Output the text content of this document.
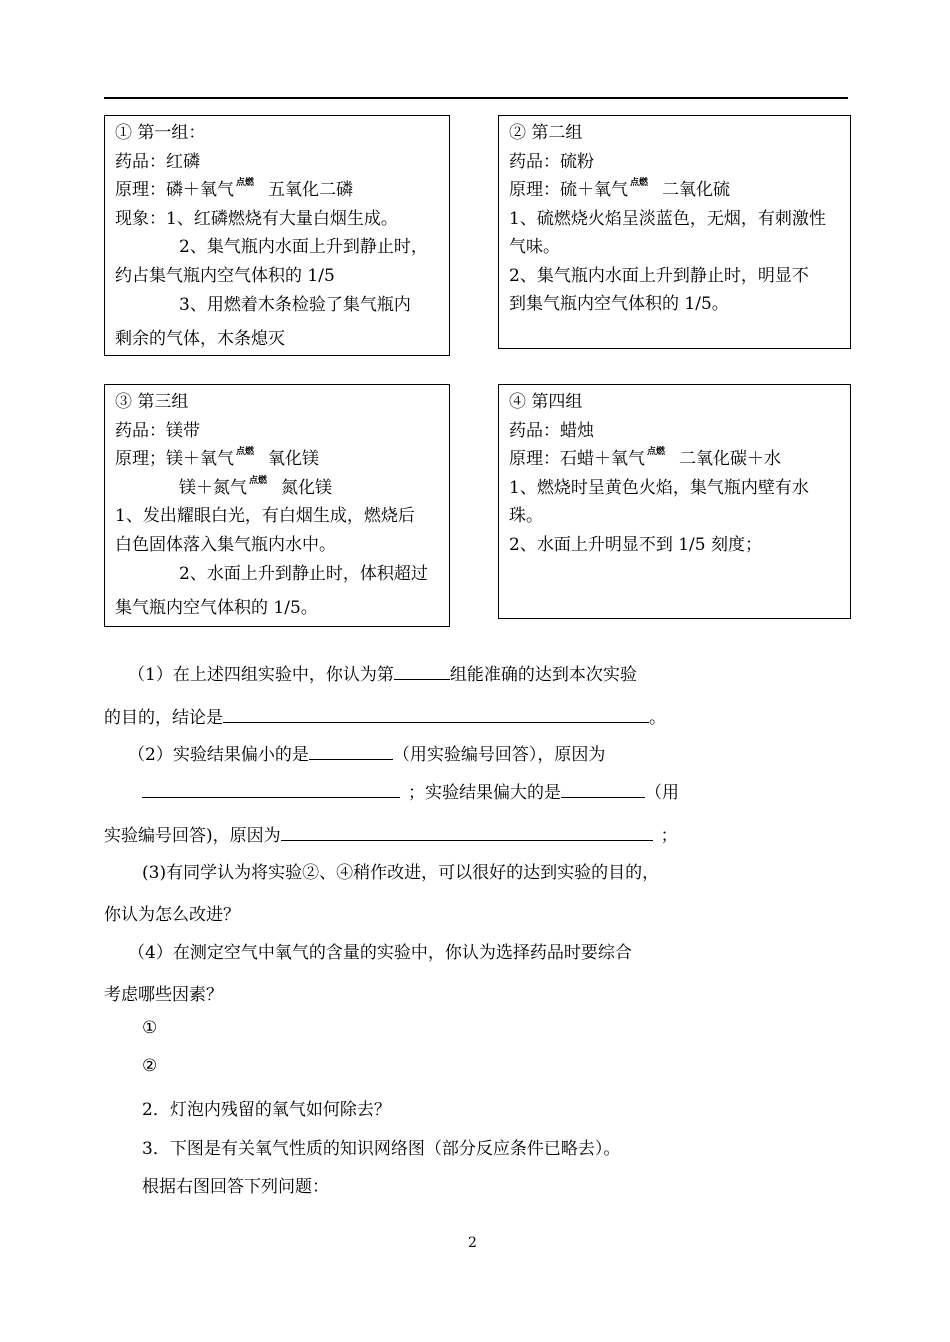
① 第一组：
药品：红磷
原理：磷＋氧气 点燃 五氧化二磷
现象：1、红磷燃烧有大量白烟生成。
2、集气瓶内水面上升到静止时，
约占集气瓶内空气体积的 1/5
3、用燃着木条检验了集气瓶内
剩余的气体，木条熄灭
② 第二组
药品：硫粉
原理：硫＋氧气 点燃 二氧化硫
1、硫燃烧火焰呈淡蓝色，无烟，有刺激性
气味。
2、集气瓶内水面上升到静止时，明显不
到集气瓶内空气体积的 1/5。
③ 第三组
药品：镁带
原理；镁＋氧气 点燃 氧化镁
镁＋氮气 点燃 氮化镁
1、发出耀眼白光，有白烟生成，燃烧后
白色固体落入集气瓶内水中。
2、水面上升到静止时，体积超过
集气瓶内空气体积的 1/5。
④ 第四组
药品：蜡烛
原理：石蜡＋氧气 点燃 二氧化碳＋水
1、燃烧时呈黄色火焰，集气瓶内壁有水
珠。
2、水面上升明显不到 1/5 刻度；
（1）在上述四组实验中，你认为第	组能准确的达到本次实验
的目的，结论是	。
（2）实验结果偏小的是	（用实验编号回答），原因为
；实验结果偏大的是	（用
实验编号回答)，原因为	；
(3)有同学认为将实验②、④稍作改进，可以很好的达到实验的目的，
你认为怎么改进？
（4）在测定空气中氧气的含量的实验中，你认为选择药品时要综合
考虑哪些因素？
①
②
2．灯泡内残留的氧气如何除去？
3．下图是有关氧气性质的知识网络图（部分反应条件已略去）。
根据右图回答下列问题：
2
